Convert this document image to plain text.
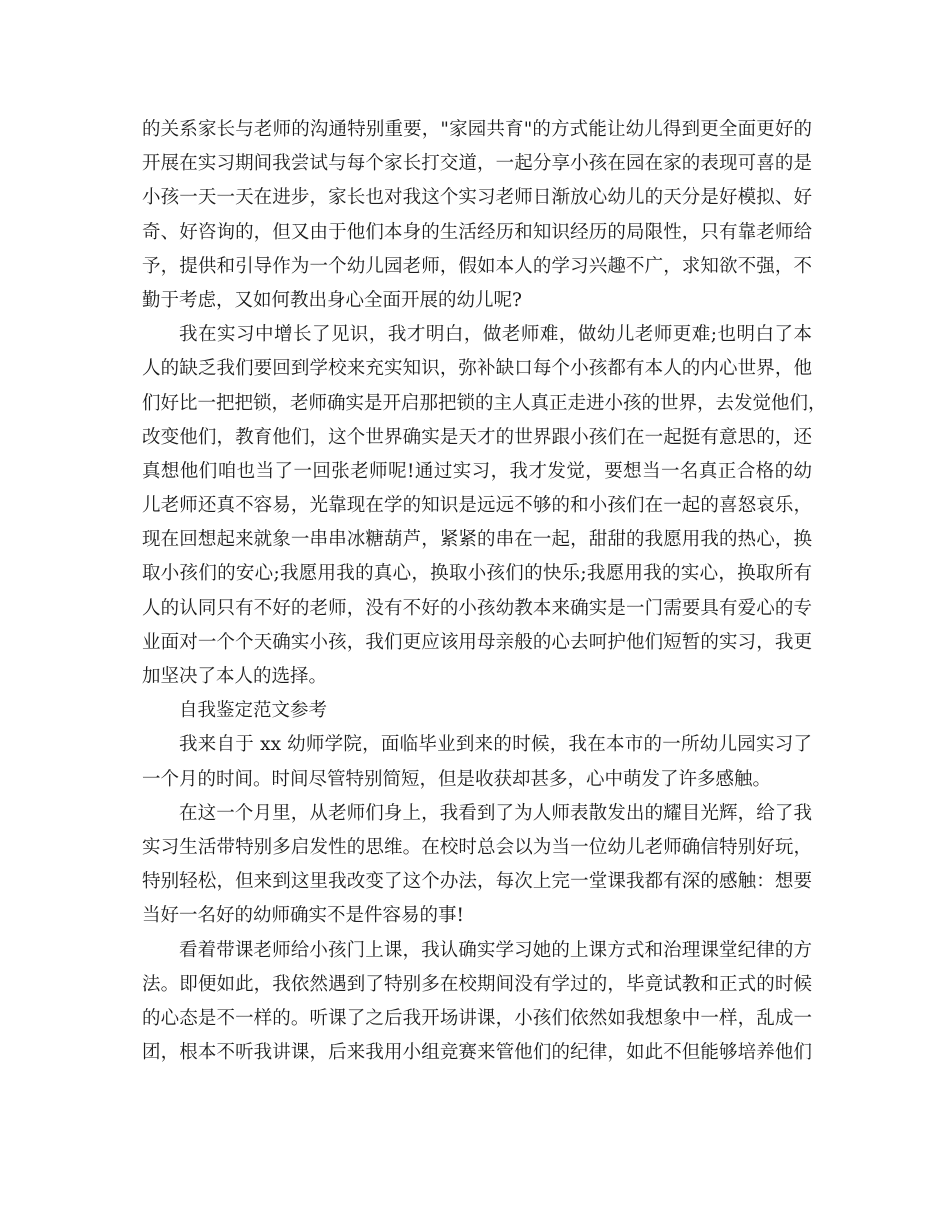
的关系家长与老师的沟通特别重要，"家园共育"的方式能让幼儿得到更全面更好的
开展在实习期间我尝试与每个家长打交道，一起分享小孩在园在家的表现可喜的是
小孩一天一天在进步，家长也对我这个实习老师日渐放心幼儿的天分是好模拟、好
奇、好咨询的，但又由于他们本身的生活经历和知识经历的局限性，只有靠老师给
予，提供和引导作为一个幼儿园老师，假如本人的学习兴趣不广，求知欲不强，不
勤于考虑，又如何教出身心全面开展的幼儿呢?
我在实习中增长了见识，我才明白，做老师难，做幼儿老师更难;也明白了本
人的缺乏我们要回到学校来充实知识，弥补缺口每个小孩都有本人的内心世界，他
们好比一把把锁，老师确实是开启那把锁的主人真正走进小孩的世界，去发觉他们，
改变他们，教育他们，这个世界确实是天才的世界跟小孩们在一起挺有意思的，还
真想他们咱也当了一回张老师呢!通过实习，我才发觉，要想当一名真正合格的幼
儿老师还真不容易，光靠现在学的知识是远远不够的和小孩们在一起的喜怒哀乐，
现在回想起来就象一串串冰糖葫芦，紧紧的串在一起，甜甜的我愿用我的热心，换
取小孩们的安心;我愿用我的真心，换取小孩们的快乐;我愿用我的实心，换取所有
人的认同只有不好的老师，没有不好的小孩幼教本来确实是一门需要具有爱心的专
业面对一个个天确实小孩，我们更应该用母亲般的心去呵护他们短暂的实习，我更
加坚决了本人的选择。
自我鉴定范文参考
我来自于 xx 幼师学院，面临毕业到来的时候，我在本市的一所幼儿园实习了
一个月的时间。时间尽管特别简短，但是收获却甚多，心中萌发了许多感触。
在这一个月里，从老师们身上，我看到了为人师表散发出的耀目光辉，给了我
实习生活带特别多启发性的思维。在校时总会以为当一位幼儿老师确信特别好玩，
特别轻松，但来到这里我改变了这个办法，每次上完一堂课我都有深的感触：想要
当好一名好的幼师确实不是件容易的事!
看着带课老师给小孩门上课，我认确实学习她的上课方式和治理课堂纪律的方
法。即便如此，我依然遇到了特别多在校期间没有学过的，毕竟试教和正式的时候
的心态是不一样的。听课了之后我开场讲课，小孩们依然如我想象中一样，乱成一
团，根本不听我讲课，后来我用小组竞赛来管他们的纪律，如此不但能够培养他们
